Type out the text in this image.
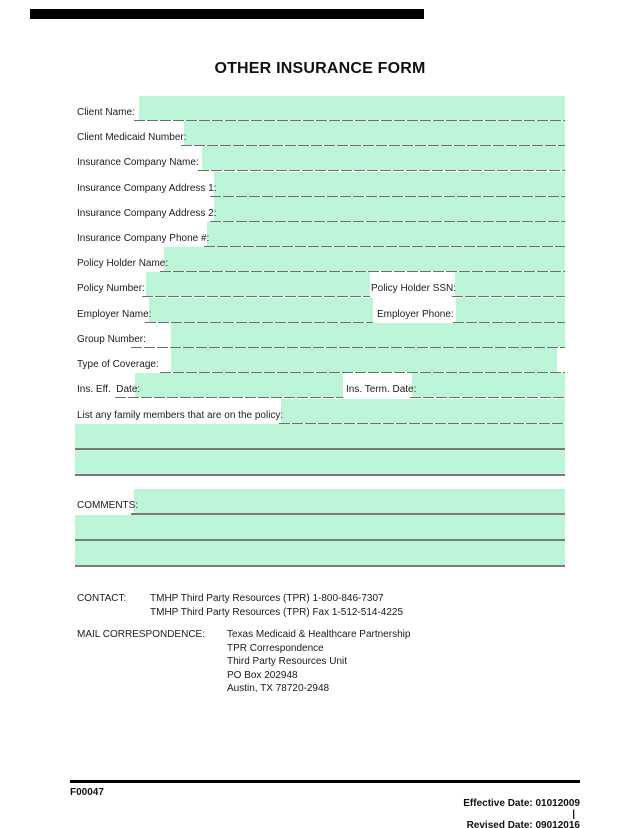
OTHER INSURANCE FORM
Client Name:
Client Medicaid Number:
Insurance Company Name:
Insurance Company Address 1:
Insurance Company Address 2:
Insurance Company Phone #:
Policy Holder Name:
Policy Number:	Policy Holder SSN:
Employer Name:	Employer Phone:
Group Number:
Type of Coverage:
Ins. Eff.  Date:	Ins. Term. Date:
List any family members that are on the policy:
COMMENTS:
CONTACT: TMHP Third Party Resources (TPR) 1-800-846-7307
TMHP Third Party Resources (TPR) Fax 1-512-514-4225
MAIL CORRESPONDENCE: Texas Medicaid & Healthcare Partnership
TPR Correspondence
Third Party Resources Unit
PO Box 202948
Austin, TX 78720-2948
F00047

Effective Date: 01012009
|
Revised Date: 09012016
